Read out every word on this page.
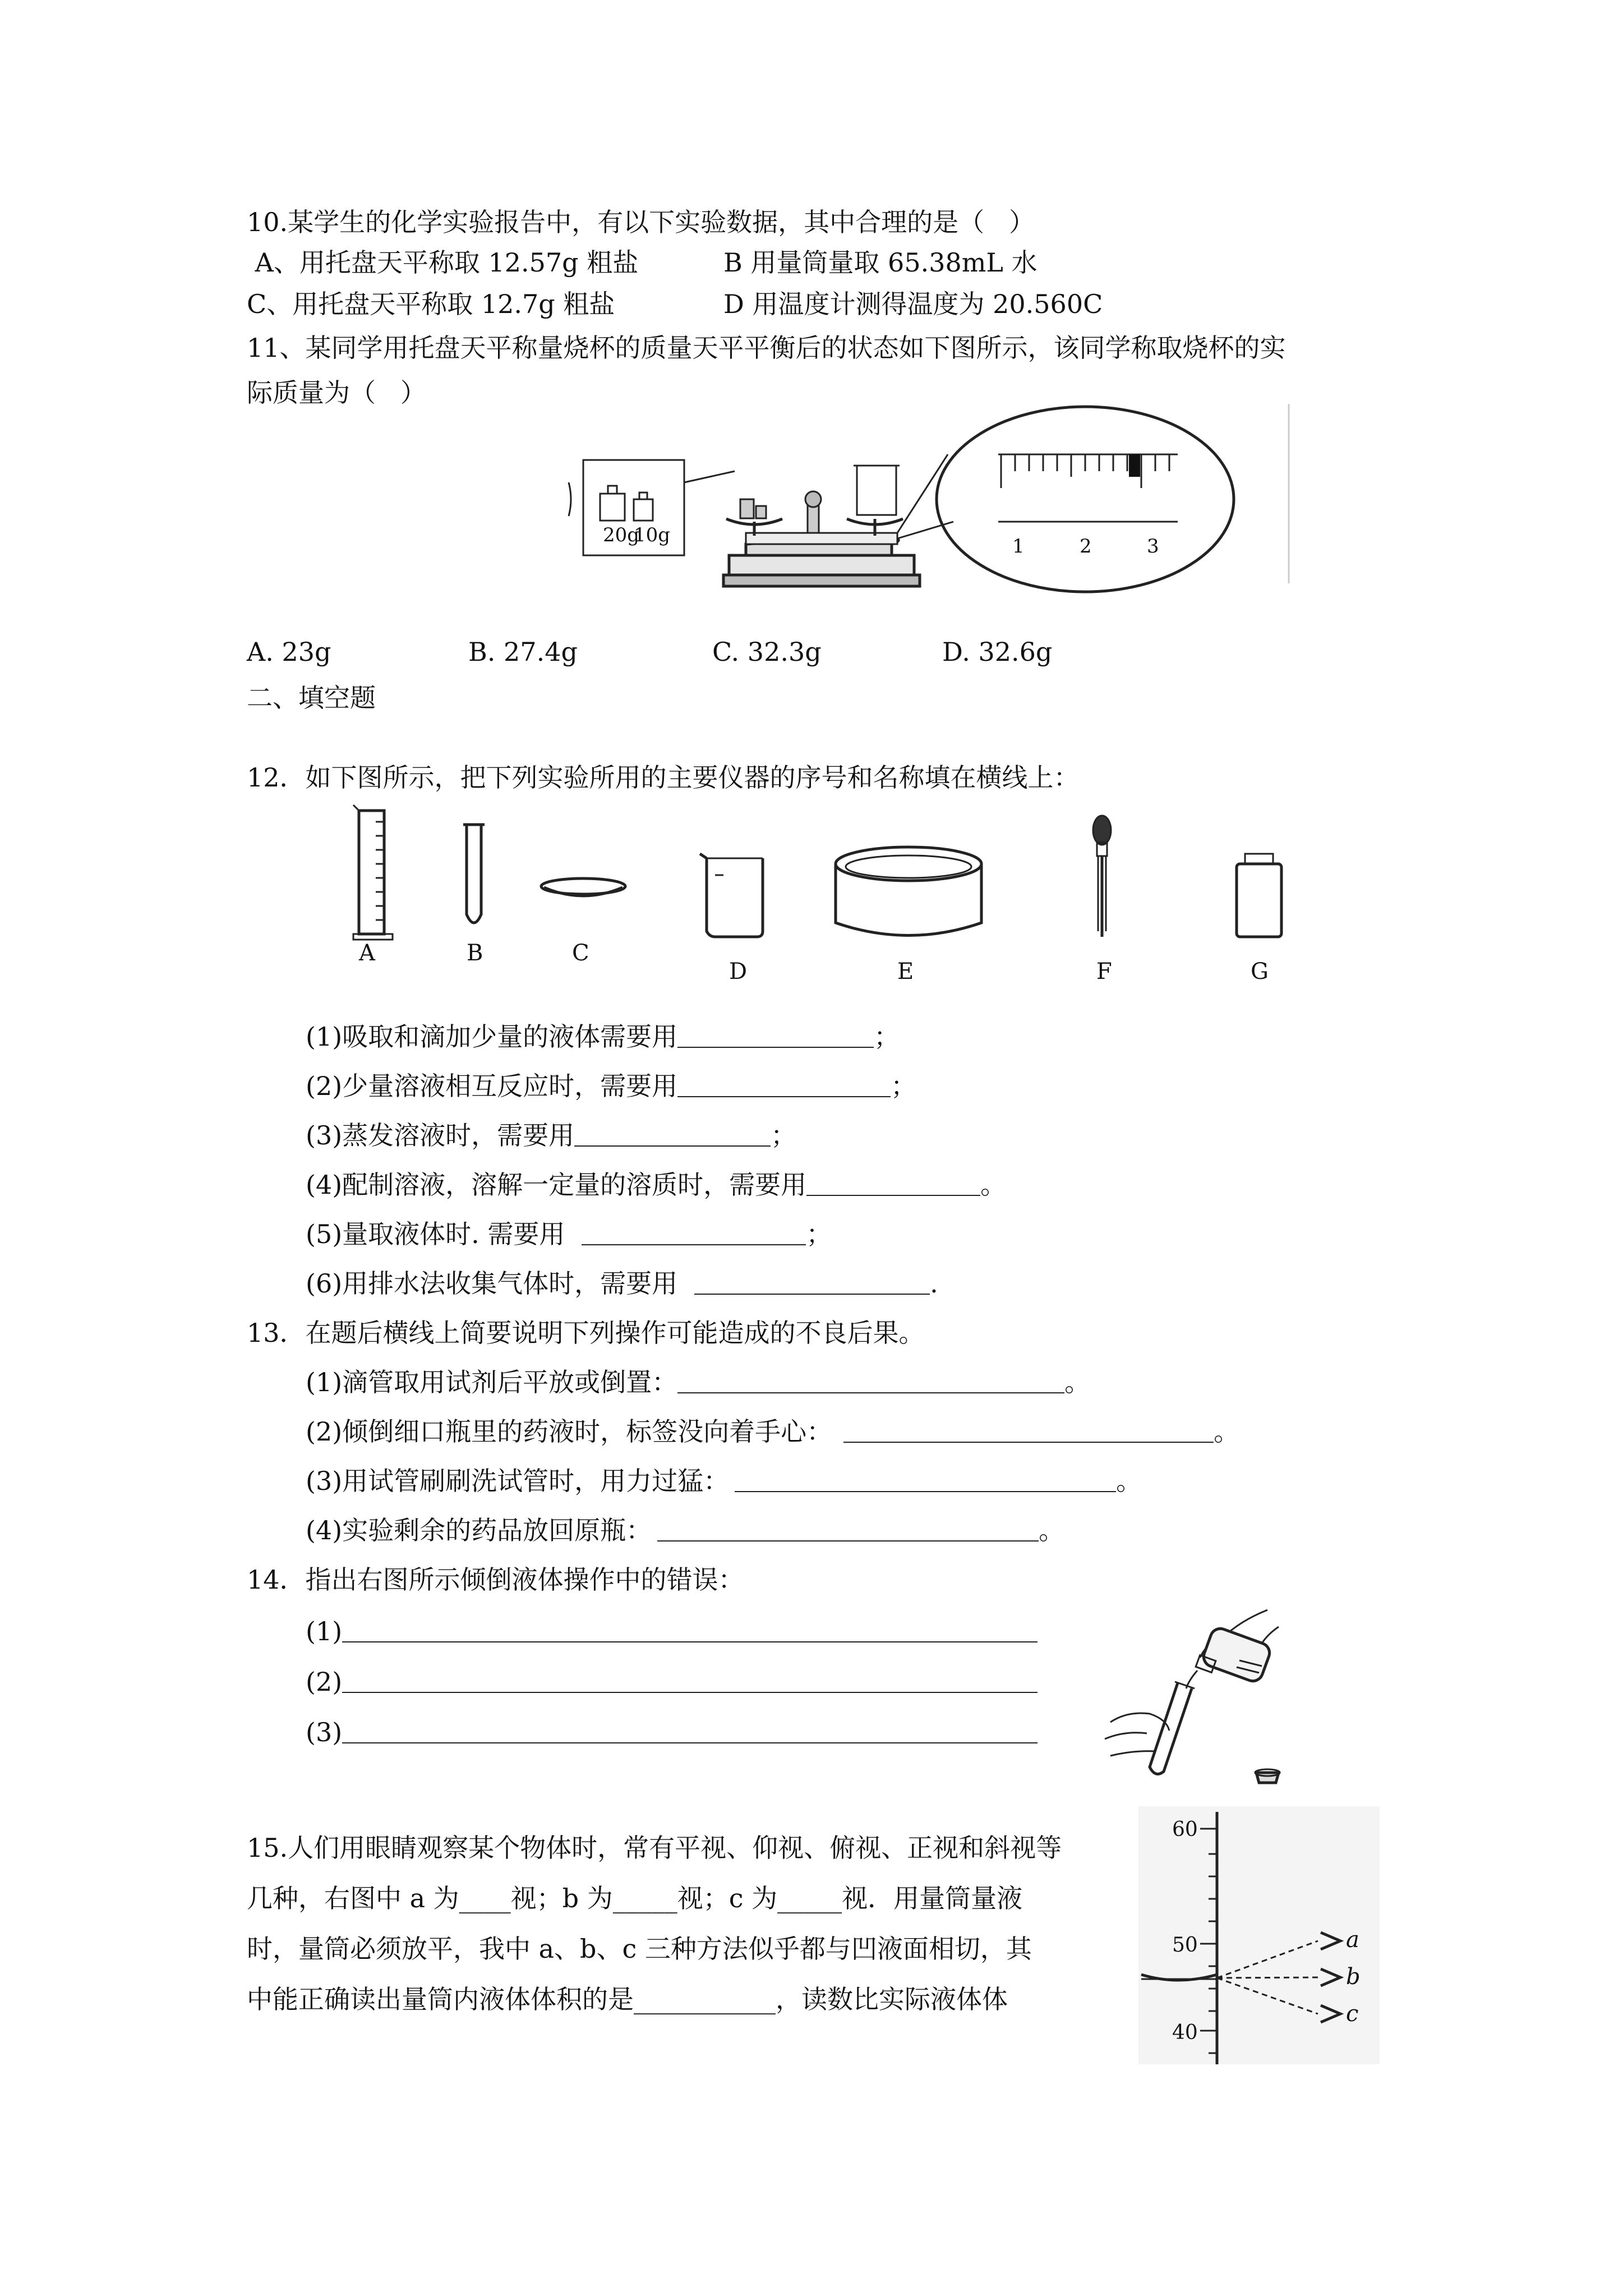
10.某学生的化学实验报告中，有以下实验数据，其中合理的是（   ）
A、用托盘天平称取 12.57g 粗盐	B 用量筒量取 65.38mL 水
C、用托盘天平称取 12.7g 粗盐	D 用温度计测得温度为 20.560C
11、某同学用托盘天平称量烧杯的质量天平平衡后的状态如下图所示，该同学称取烧杯的实
际质量为（   ）
20g
10g	1	2	3
A. 23g	B. 27.4g	C. 32.3g	D. 32.6g
二、填空题
12．如下图所示，把下列实验所用的主要仪器的序号和名称填在横线上：
A	B	C
D	E	F	G
(1)吸取和滴加少量的液体需要用	；
(2)少量溶液相互反应时，需要用	；
(3)蒸发溶液时，需要用	；
(4)配制溶液，溶解一定量的溶质时，需要用	。
(5)量取液体时. 需要用	；
(6)用排水法收集气体时，需要用	.
13．在题后横线上简要说明下列操作可能造成的不良后果。
(1)滴管取用试剂后平放或倒置：	。
(2)倾倒细口瓶里的药液时，标签没向着手心：	。
(3)用试管刷刷洗试管时，用力过猛：	。
(4)实验剩余的药品放回原瓶：	。
14．指出右图所示倾倒液体操作中的错误：
(1)
(2)
(3)
15.人们用眼睛观察某个物体时，常有平视、仰视、俯视、正视和斜视等
几种，右图中 a 为____视；b 为_____视；c 为_____视．用量筒量液
时，量筒必须放平，我中 a、b、c 三种方法似乎都与凹液面相切，其
中能正确读出量筒内液体体积的是___________，读数比实际液体体
60
50
40
a
b
c
